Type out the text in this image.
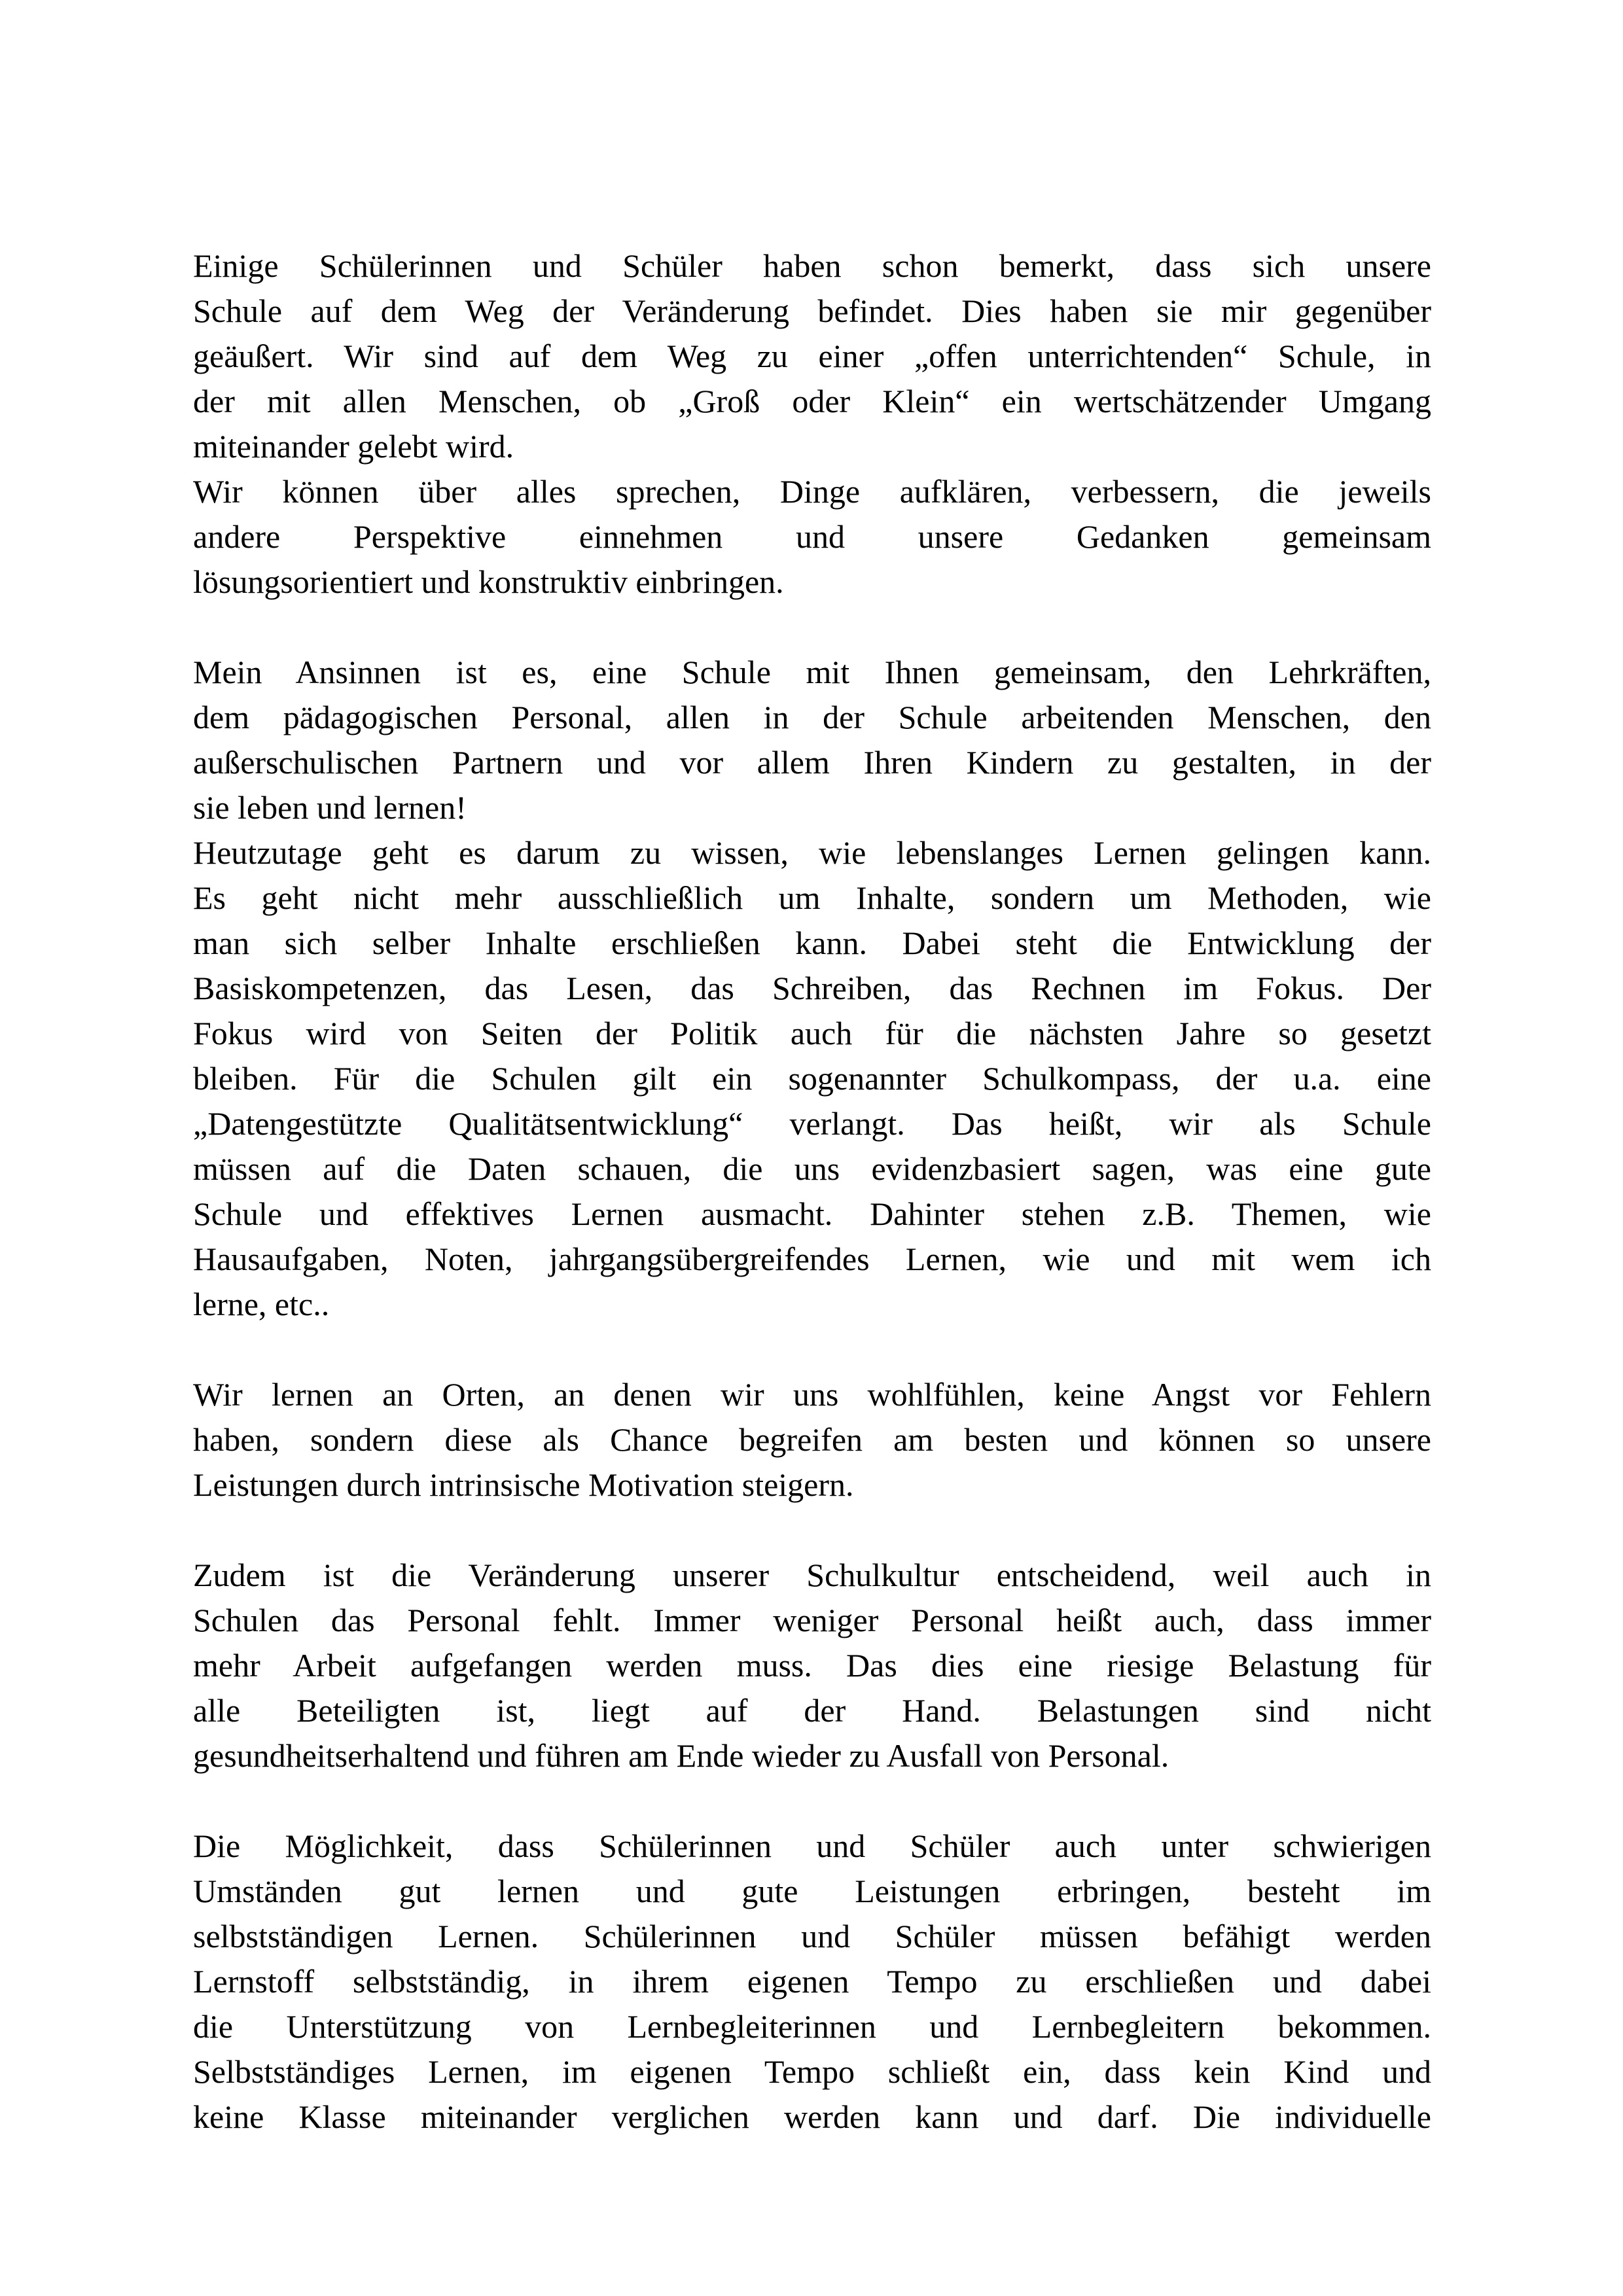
Einige Schülerinnen und Schüler haben schon bemerkt, dass sich unsere
Schule auf dem Weg der Veränderung befindet. Dies haben sie mir gegenüber
geäußert. Wir sind auf dem Weg zu einer „offen unterrichtenden“ Schule, in
der mit allen Menschen, ob „Groß oder Klein“ ein wertschätzender Umgang
miteinander gelebt wird.
Wir können über alles sprechen, Dinge aufklären, verbessern, die jeweils
andere Perspektive einnehmen und unsere Gedanken gemeinsam
lösungsorientiert und konstruktiv einbringen.
Mein Ansinnen ist es, eine Schule mit Ihnen gemeinsam, den Lehrkräften,
dem pädagogischen Personal, allen in der Schule arbeitenden Menschen, den
außerschulischen Partnern und vor allem Ihren Kindern zu gestalten, in der
sie leben und lernen!
Heutzutage geht es darum zu wissen, wie lebenslanges Lernen gelingen kann.
Es geht nicht mehr ausschließlich um Inhalte, sondern um Methoden, wie
man sich selber Inhalte erschließen kann. Dabei steht die Entwicklung der
Basiskompetenzen, das Lesen, das Schreiben, das Rechnen im Fokus. Der
Fokus wird von Seiten der Politik auch für die nächsten Jahre so gesetzt
bleiben. Für die Schulen gilt ein sogenannter Schulkompass, der u.a. eine
„Datengestützte Qualitätsentwicklung“ verlangt. Das heißt, wir als Schule
müssen auf die Daten schauen, die uns evidenzbasiert sagen, was eine gute
Schule und effektives Lernen ausmacht. Dahinter stehen z.B. Themen, wie
Hausaufgaben, Noten, jahrgangsübergreifendes Lernen, wie und mit wem ich
lerne, etc..
Wir lernen an Orten, an denen wir uns wohlfühlen, keine Angst vor Fehlern
haben, sondern diese als Chance begreifen am besten und können so unsere
Leistungen durch intrinsische Motivation steigern.
Zudem ist die Veränderung unserer Schulkultur entscheidend, weil auch in
Schulen das Personal fehlt. Immer weniger Personal heißt auch, dass immer
mehr Arbeit aufgefangen werden muss. Das dies eine riesige Belastung für
alle Beteiligten ist, liegt auf der Hand. Belastungen sind nicht
gesundheitserhaltend und führen am Ende wieder zu Ausfall von Personal.
Die Möglichkeit, dass Schülerinnen und Schüler auch unter schwierigen
Umständen gut lernen und gute Leistungen erbringen, besteht im
selbstständigen Lernen. Schülerinnen und Schüler müssen befähigt werden
Lernstoff selbstständig, in ihrem eigenen Tempo zu erschließen und dabei
die Unterstützung von Lernbegleiterinnen und Lernbegleitern bekommen.
Selbstständiges Lernen, im eigenen Tempo schließt ein, dass kein Kind und
keine Klasse miteinander verglichen werden kann und darf. Die individuelle
